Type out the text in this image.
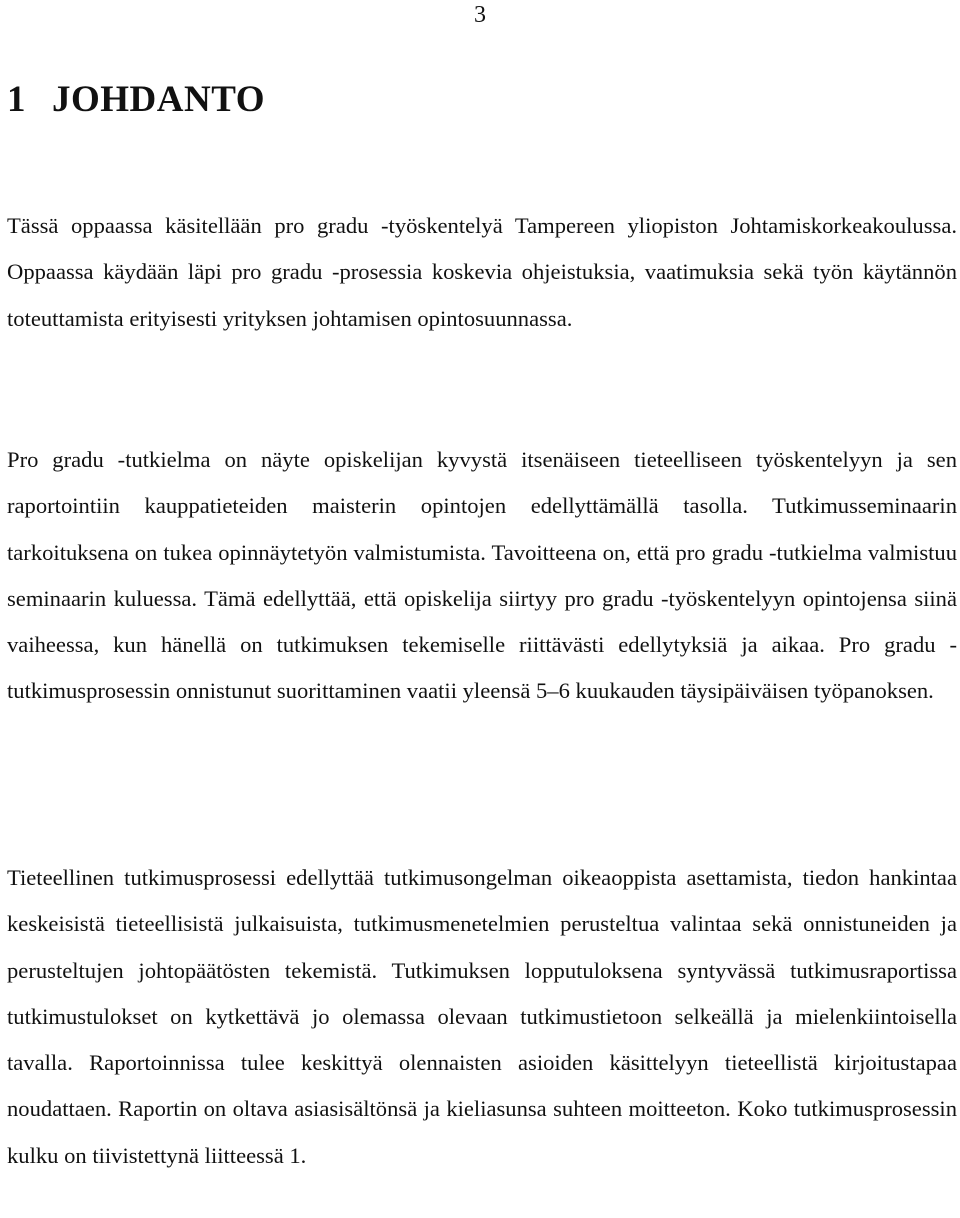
3
1 JOHDANTO

Tässä oppaassa käsitellään pro gradu -työskentelyä Tampereen yliopiston Johtamiskorkeakoulussa. Oppaassa käydään läpi pro gradu -prosessia koskevia ohjeistuksia, vaatimuksia sekä työn käytännön toteuttamista erityisesti yrityksen johtamisen opintosuunnassa.

Pro gradu -tutkielma on näyte opiskelijan kyvystä itsenäiseen tieteelliseen työskentelyyn ja sen raportointiin kauppatieteiden maisterin opintojen edellyttämällä tasolla. Tutkimusseminaarin tarkoituksena on tukea opinnäytetyön valmistumista. Tavoitteena on, että pro gradu -tutkielma valmistuu seminaarin kuluessa. Tämä edellyttää, että opiskelija siirtyy pro gradu -työskentelyyn opintojensa siinä vaiheessa, kun hänellä on tutkimuksen tekemiselle riittävästi edellytyksiä ja aikaa. Pro gradu -tutkimusprosessin onnistunut suorittaminen vaatii yleensä 5–6 kuukauden täysipäiväisen työpanoksen.

Tieteellinen tutkimusprosessi edellyttää tutkimusongelman oikeaoppista asettamista, tiedon hankintaa keskeisistä tieteellisistä julkaisuista, tutkimusmenetelmien perusteltua valintaa sekä onnistuneiden ja perusteltujen johtopäätösten tekemistä. Tutkimuksen lopputuloksena syntyvässä tutkimusraportissa tutkimustulokset on kytkettävä jo olemassa olevaan tutkimustietoon selkeällä ja mielenkiintoisella tavalla. Raportoinnissa tulee keskittyä olennaisten asioiden käsittelyyn tieteellistä kirjoitustapaa noudattaen. Raportin on oltava asiasisältönsä ja kieliasunsa suhteen moitteeton. Koko tutkimusprosessin kulku on tiivistettynä liitteessä 1.
